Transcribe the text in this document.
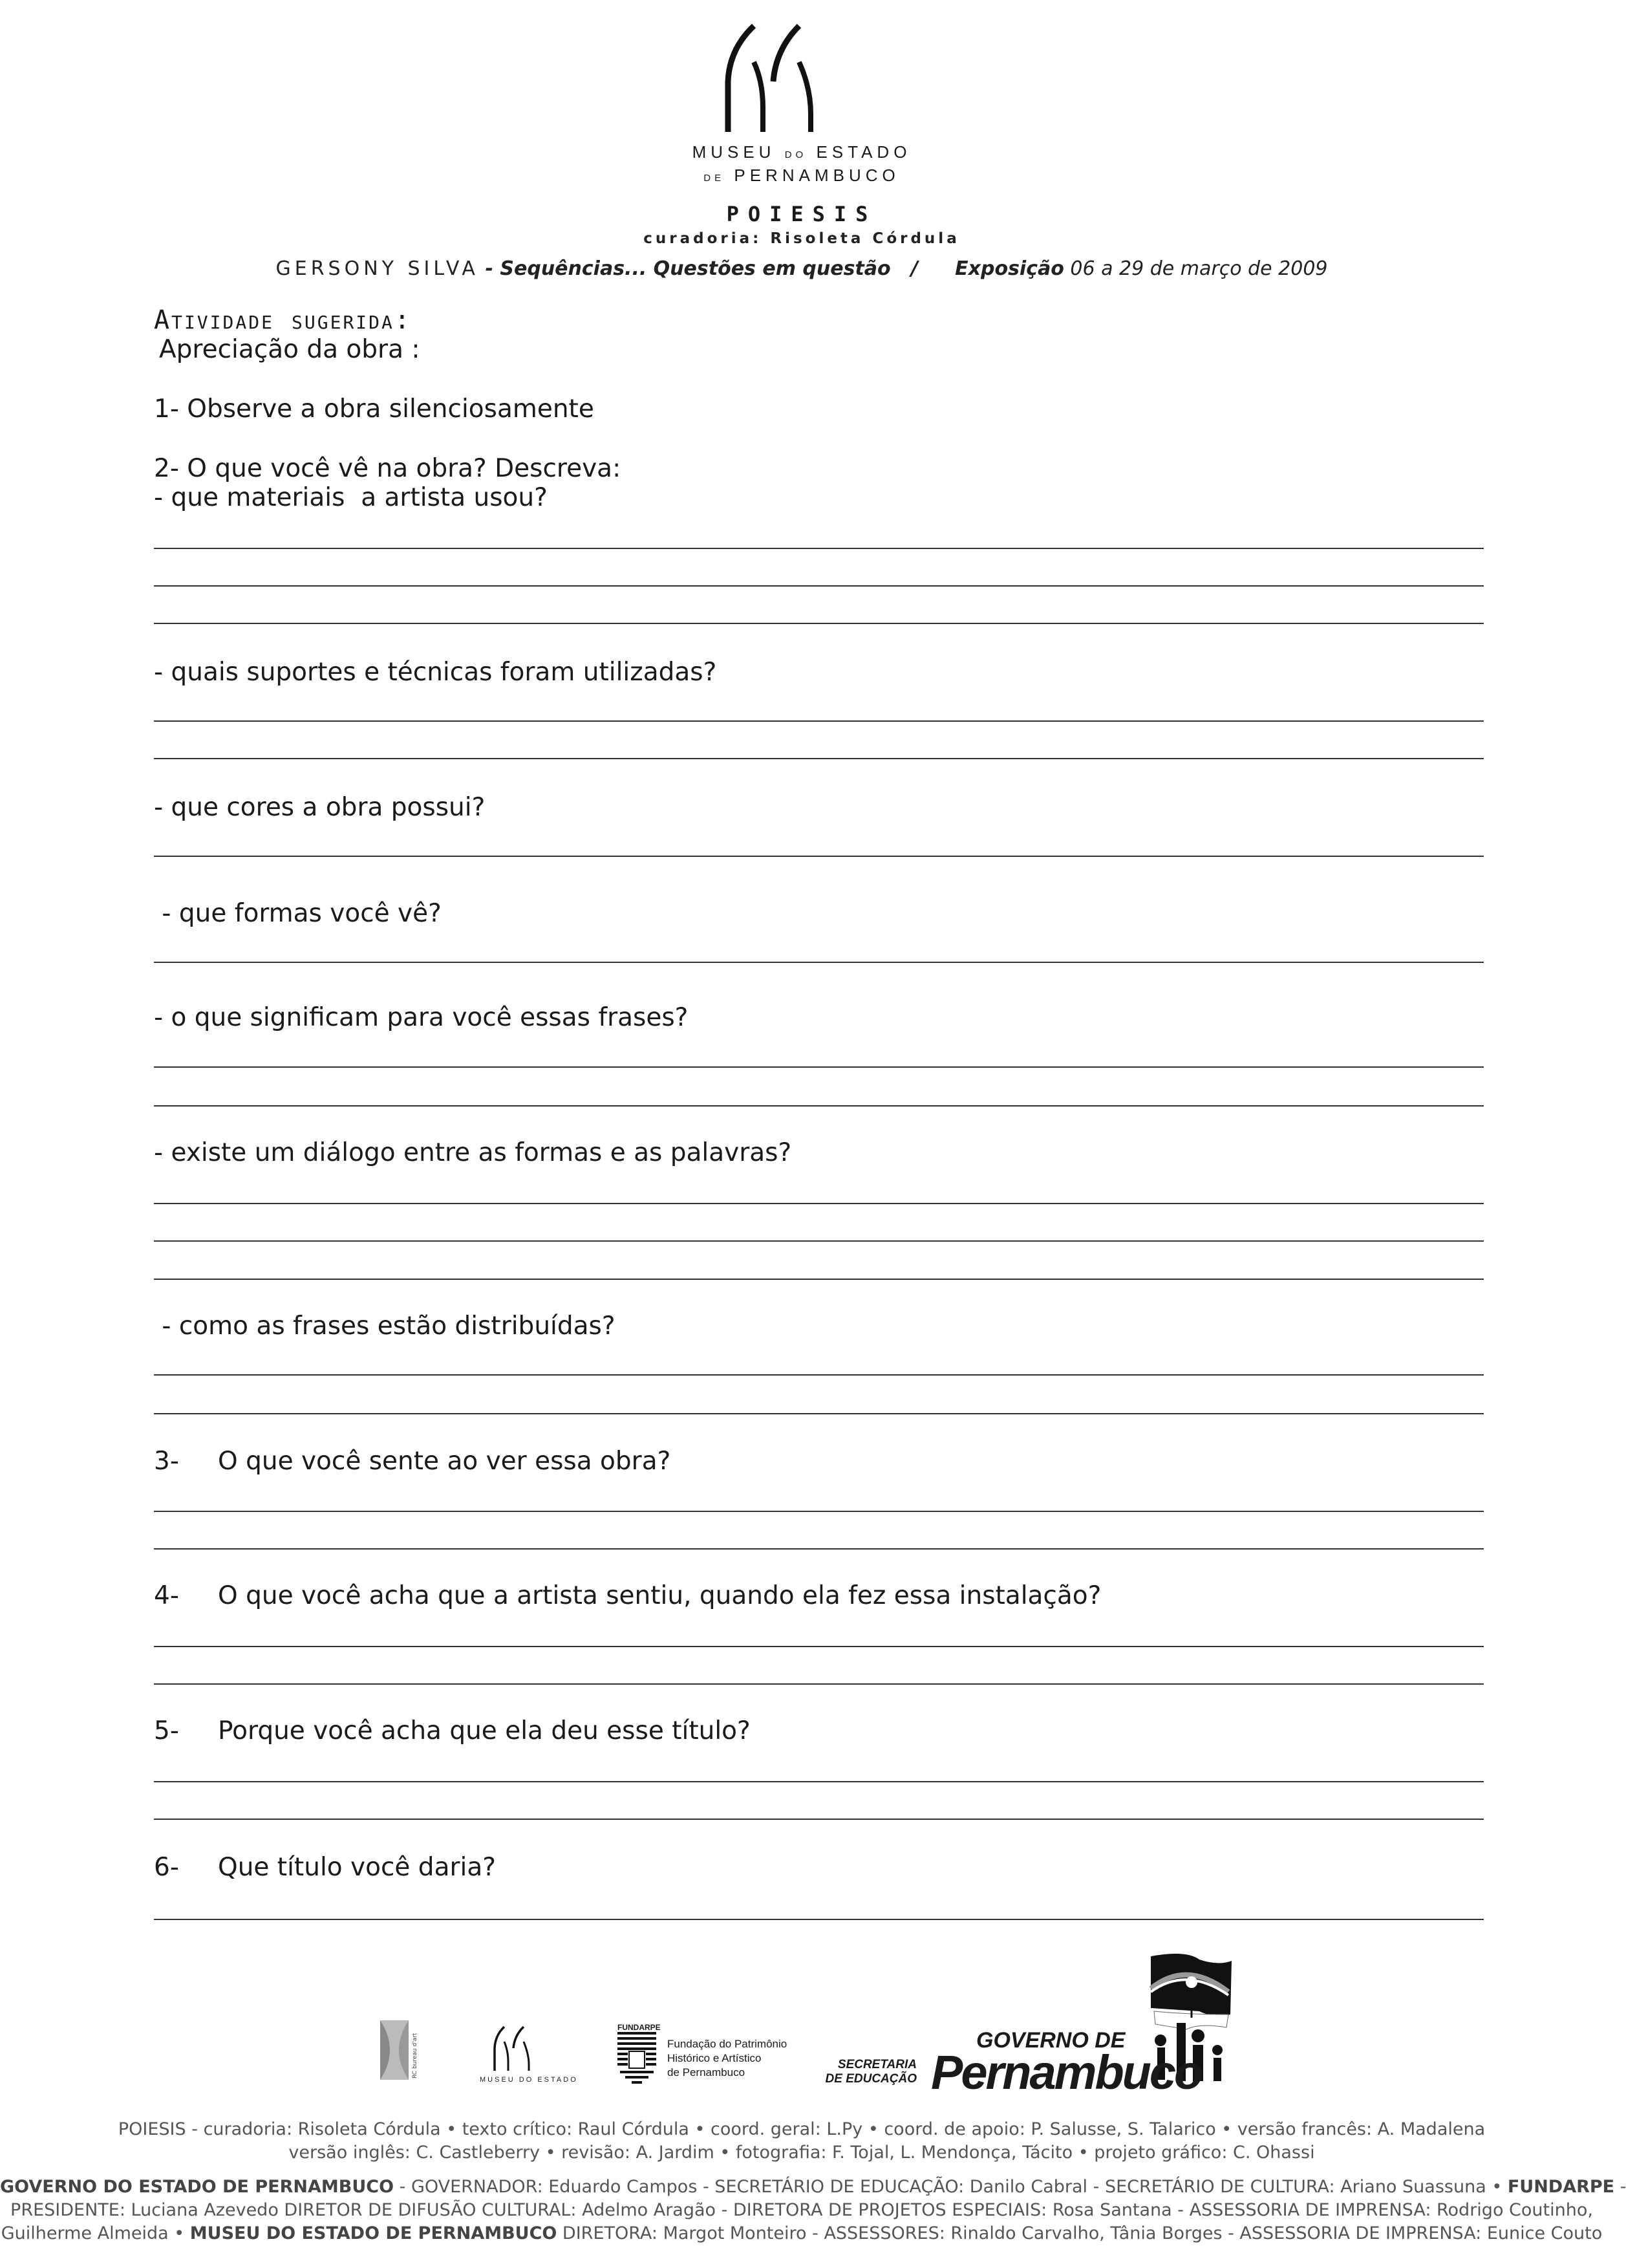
MUSEU DO ESTADO
DE PERNAMBUCO
POIESIS
curadoria: Risoleta Córdula
GERSONY SILVA - Sequências... Questões em questão   / Exposição 06 a 29 de março de 2009
Atividade sugerida:
Apreciação da obra :
1- Observe a obra silenciosamente
2- O que você vê na obra? Descreva:
- que materiais  a artista usou?
- quais suportes e técnicas foram utilizadas?
- que cores a obra possui?
- que formas você vê?
- o que significam para você essas frases?
- existe um diálogo entre as formas e as palavras?
- como as frases estão distribuídas?
3- O que você sente ao ver essa obra?
4- O que você acha que a artista sentiu, quando ela fez essa instalação?
5- Porque você acha que ela deu esse título?
6- Que título você daria?
RC bureau d'art
MUSEU DO ESTADO
FUNDARPE
Fundação do Patrimônio
Histórico e Artístico
de Pernambuco
SECRETARIA
DE EDUCAÇÃO
GOVERNO DE
Pernambuco
POIESIS - curadoria: Risoleta Córdula • texto crítico: Raul Córdula • coord. geral: L.Py • coord. de apoio: P. Salusse, S. Talarico • versão francês: A. Madalena
versão inglês: C. Castleberry • revisão: A. Jardim • fotografia: F. Tojal, L. Mendonça, Tácito • projeto gráfico: C. Ohassi
GOVERNO DO ESTADO DE PERNAMBUCO - GOVERNADOR: Eduardo Campos - SECRETÁRIO DE EDUCAÇÃO: Danilo Cabral - SECRETÁRIO DE CULTURA: Ariano Suassuna • FUNDARPE -
PRESIDENTE: Luciana Azevedo DIRETOR DE DIFUSÃO CULTURAL: Adelmo Aragão - DIRETORA DE PROJETOS ESPECIAIS: Rosa Santana - ASSESSORIA DE IMPRENSA: Rodrigo Coutinho,
Guilherme Almeida • MUSEU DO ESTADO DE PERNAMBUCO DIRETORA: Margot Monteiro - ASSESSORES: Rinaldo Carvalho, Tânia Borges - ASSESSORIA DE IMPRENSA: Eunice Couto
